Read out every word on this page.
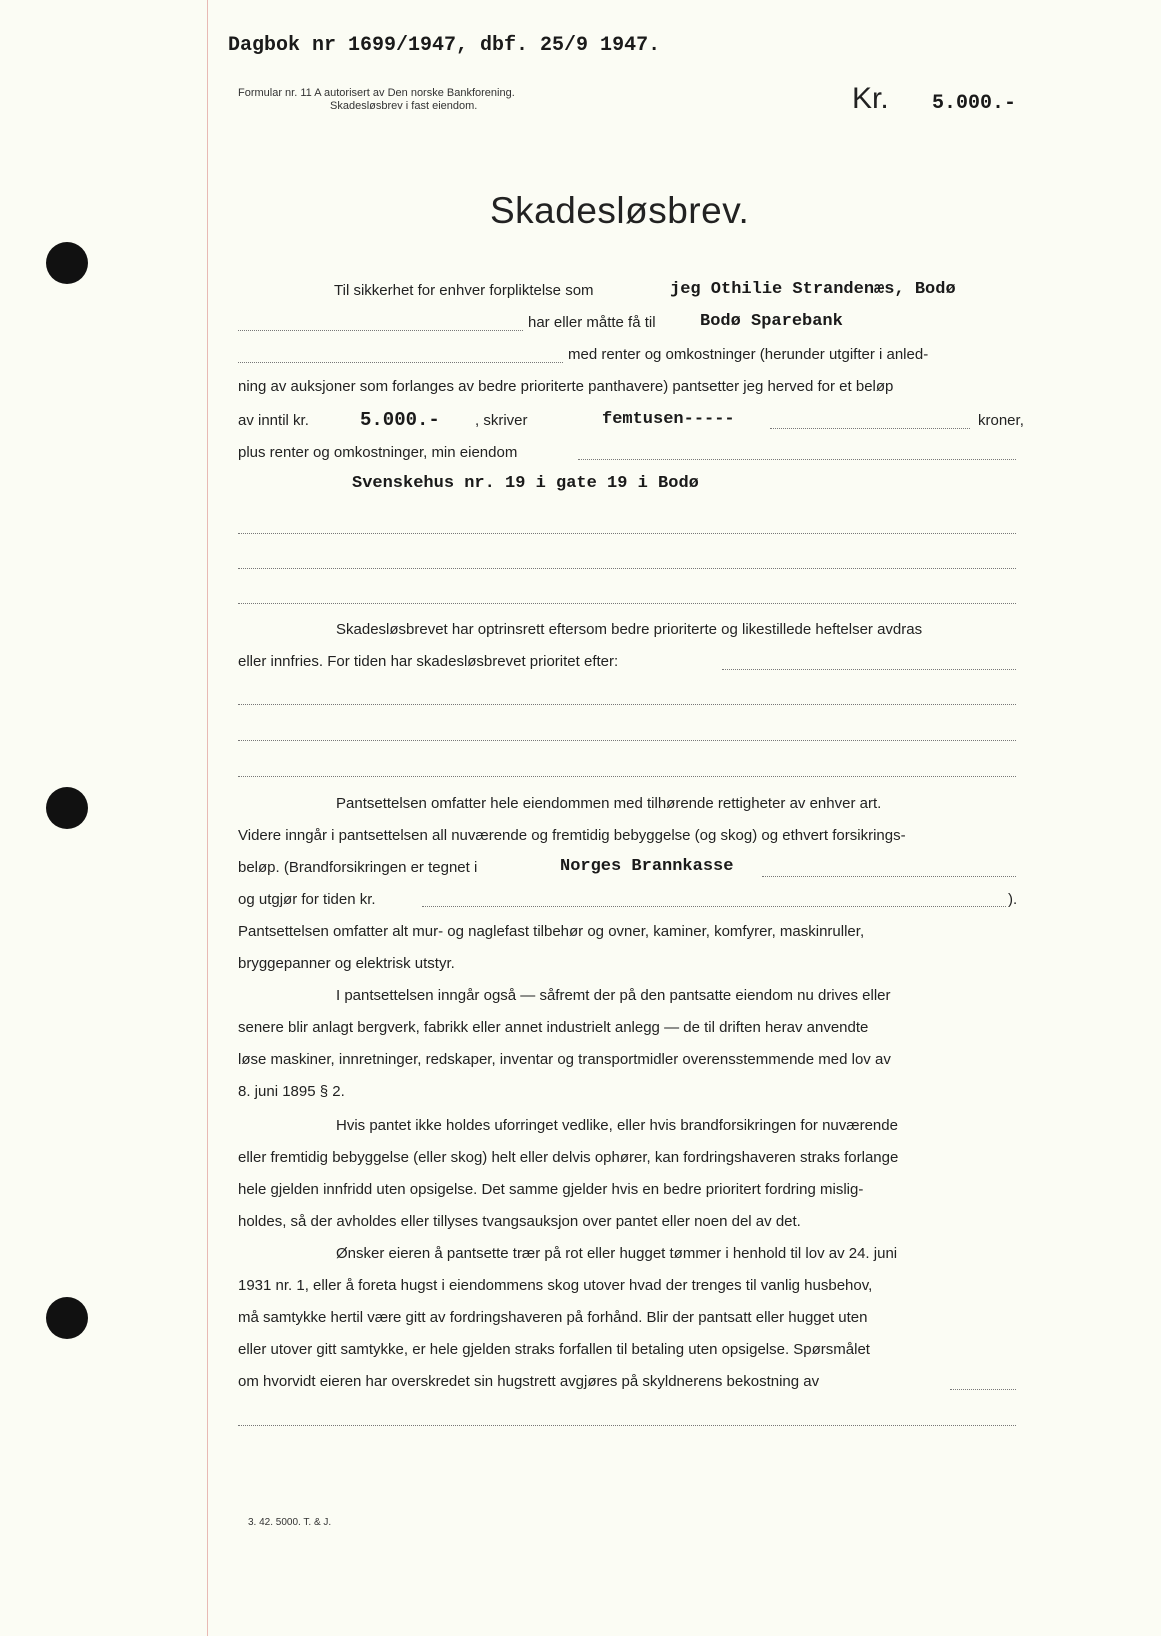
Dagbok nr 1699/1947, dbf. 25/9 1947.
Formular nr. 11 A autorisert av Den norske Bankforening.
Skadesløsbrev i fast eiendom.	Kr. 5.000.-
Skadesløsbrev.
Til sikkerhet for enhver forpliktelse som	jeg Othilie Strandenæs, Bodø
har eller måtte få til	Bodø Sparebank
med renter og omkostninger (herunder utgifter i anled-
ning av auksjoner som forlanges av bedre prioriterte panthavere) pantsetter jeg herved for et beløp
av inntil kr.	5.000.- , skriver	femtusen-----	kroner,
plus renter og omkostninger, min eiendom
Svenskehus nr. 19 i gate 19 i Bodø
Skadesløsbrevet har optrinsrett eftersom bedre prioriterte og likestillede heftelser avdras
eller innfries. For tiden har skadesløsbrevet prioritet efter:
Pantsettelsen omfatter hele eiendommen med tilhørende rettigheter av enhver art.
Videre inngår i pantsettelsen all nuværende og fremtidig bebyggelse (og skog) og ethvert forsikrings-
beløp. (Brandforsikringen er tegnet i	Norges Brannkasse
og utgjør for tiden kr.	).
Pantsettelsen omfatter alt mur- og naglefast tilbehør og ovner, kaminer, komfyrer, maskinruller,
bryggepanner og elektrisk utstyr.
I pantsettelsen inngår også — såfremt der på den pantsatte eiendom nu drives eller
senere blir anlagt bergverk, fabrikk eller annet industrielt anlegg — de til driften herav anvendte
løse maskiner, innretninger, redskaper, inventar og transportmidler overensstemmende med lov av
8. juni 1895 § 2.
Hvis pantet ikke holdes uforringet vedlike, eller hvis brandforsikringen for nuværende
eller fremtidig bebyggelse (eller skog) helt eller delvis ophører, kan fordringshaveren straks forlange
hele gjelden innfridd uten opsigelse. Det samme gjelder hvis en bedre prioritert fordring mislig-
holdes, så der avholdes eller tillyses tvangsauksjon over pantet eller noen del av det.
Ønsker eieren å pantsette trær på rot eller hugget tømmer i henhold til lov av 24. juni
1931 nr. 1, eller å foreta hugst i eiendommens skog utover hvad der trenges til vanlig husbehov,
må samtykke hertil være gitt av fordringshaveren på forhånd. Blir der pantsatt eller hugget uten
eller utover gitt samtykke, er hele gjelden straks forfallen til betaling uten opsigelse. Spørsmålet
om hvorvidt eieren har overskredet sin hugstrett avgjøres på skyldnerens bekostning av
3. 42. 5000. T. & J.
